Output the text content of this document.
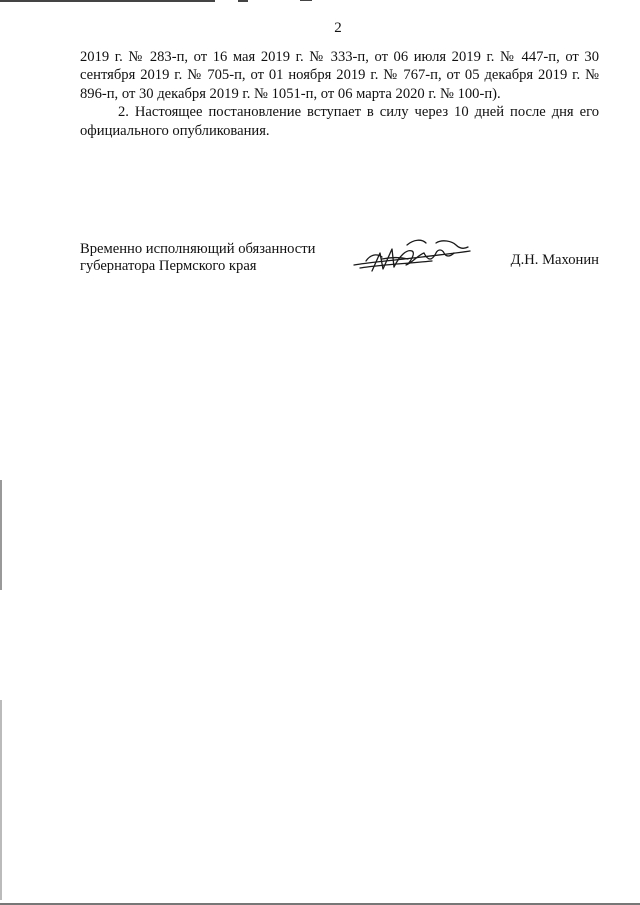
2

2019 г. № 283-п, от 16 мая 2019 г. № 333-п, от 06 июля 2019 г. № 447-п, от 30 сентября 2019 г. № 705-п, от 01 ноября 2019 г. № 767-п, от 05 декабря 2019 г. № 896-п, от 30 декабря 2019 г. № 1051-п, от 06 марта 2020 г. № 100-п).

2. Настоящее постановление вступает в силу через 10 дней после дня его официального опубликования.

Временно исполняющий обязанности
губернатора Пермского края	Д.Н. Махонин
